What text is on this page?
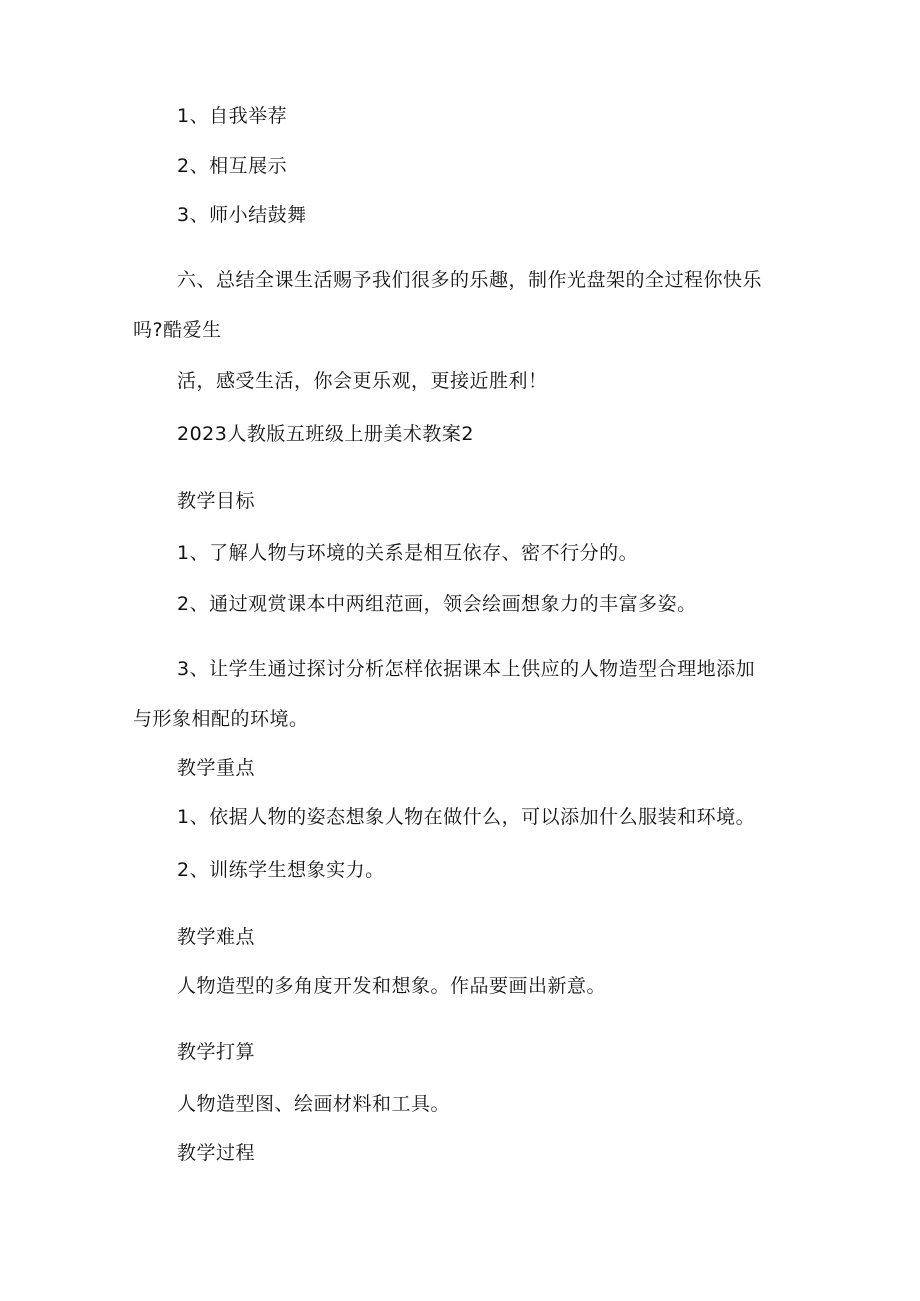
1、自我举荐
2、相互展示
3、师小结鼓舞
六、总结全课生活赐予我们很多的乐趣，制作光盘架的全过程你快乐
吗?酷爱生
活，感受生活，你会更乐观，更接近胜利！
2023人教版五班级上册美术教案2
教学目标
1、了解人物与环境的关系是相互依存、密不行分的。
2、通过观赏课本中两组范画，领会绘画想象力的丰富多姿。
3、让学生通过探讨分析怎样依据课本上供应的人物造型合理地添加
与形象相配的环境。
教学重点
1、依据人物的姿态想象人物在做什么，可以添加什么服装和环境。
2、训练学生想象实力。
教学难点
人物造型的多角度开发和想象。作品要画出新意。
教学打算
人物造型图、绘画材料和工具。
教学过程
